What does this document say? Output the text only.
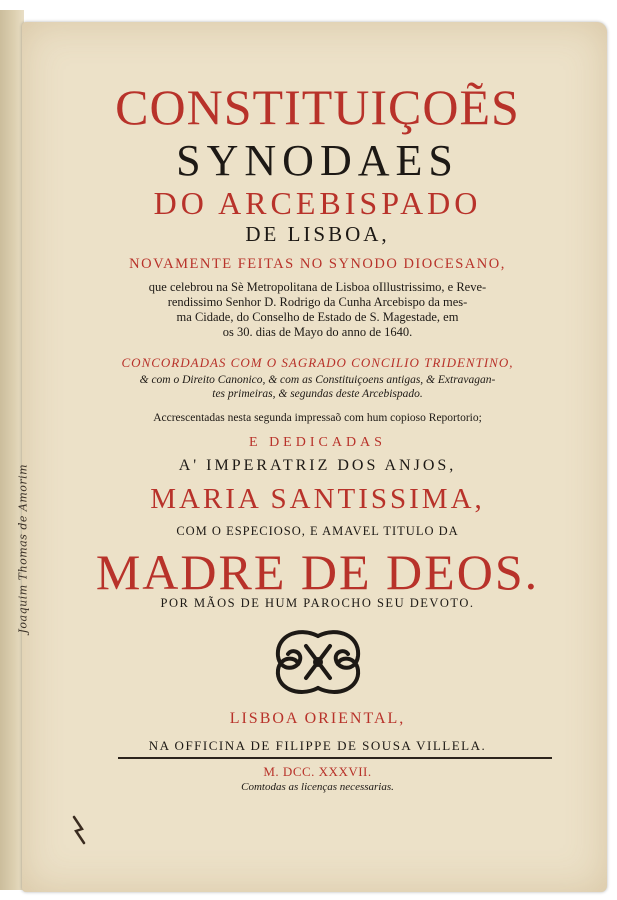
Joaquim Thomas de Amorim
CONSTITUIÇOẼS
SYNODAES
DO ARCEBISPADO
DE LISBOA,
NOVAMENTE FEITAS NO SYNODO DIOCESANO,
que celebrou na Sè Metropolitana de Lisboa oIllustrissimo, e Reve-
rendissimo Senhor D. Rodrigo da Cunha Arcebispo da mes-
ma Cidade, do Conselho de Estado de S. Magestade, em
os 30. dias de Mayo do anno de 1640.
CONCORDADAS COM O SAGRADO CONCILIO TRIDENTINO,
& com o Direito Canonico, & com as Constituiçoens antigas, & Extravagan-
tes primeiras, & segundas deste Arcebispado.
Accrescentadas nesta segunda impressaõ com hum copioso Reportorio;
E DEDICADAS
A' IMPERATRIZ DOS ANJOS,
MARIA SANTISSIMA,
COM O ESPECIOSO, E AMAVEL TITULO DA
MADRE DE DEOS.
POR MÃOS DE HUM PAROCHO SEU DEVOTO.
LISBOA ORIENTAL,
NA OFFICINA DE FILIPPE DE SOUSA VILLELA.
M. DCC. XXXVII.
Comtodas as licenças necessarias.
